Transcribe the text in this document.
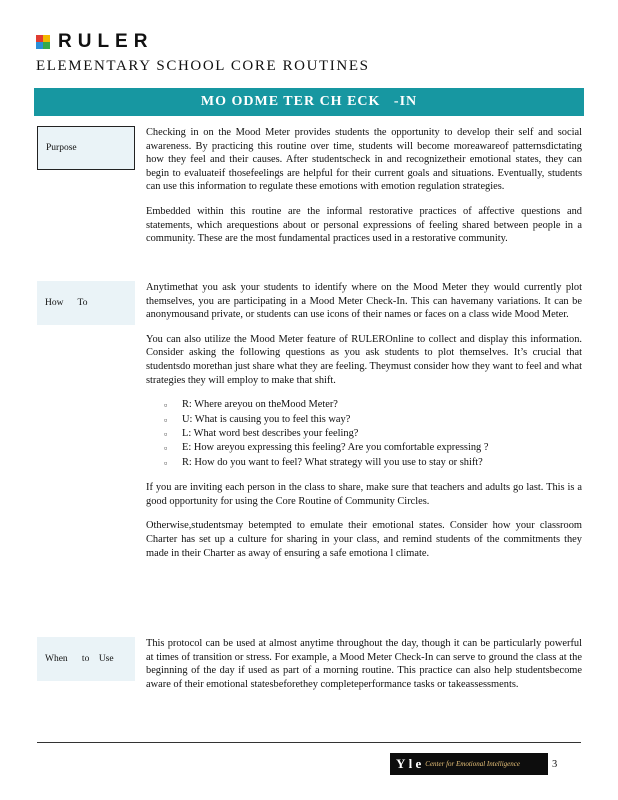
RULER
ELEMENTARY SCHOOL CORE ROUTINES
MO ODME TER CH ECK   -IN
Purpose

Checking in on the Mood Meter provides students the opportunity to develop their self and social awareness. By practicing this routine over time, students will become moreawareof patternsdictating how they feel and their causes. After studentscheck in and recognizetheir emotional states, they can begin to evaluateif thosefeelings are helpful for their current goals and situations. Eventually, students can use this information to regulate these emotions with emotion regulation strategies.

Embedded within this routine are the informal restorative practices of affective questions and statements, which arequestions about or personal expressions of feeling shared between people in a community. These are the most fundamental practices used in a restorative community.

How      To

Anytimethat you ask your students to identify where on the Mood Meter they would currently plot themselves, you are participating in a Mood Meter Check-In. This can havemany variations. It can be anonymousand private, or students can use icons of their names or faces on a class wide Mood Meter.

You can also utilize the Mood Meter feature of RULEROnline to collect and display this information. Consider asking the following questions as you ask students to plot themselves. It’s crucial that studentsdo morethan just share what they are feeling. Theymust consider how they want to feel and what strategies they will employ to make that shift.

▫ R: Where areyou on theMood Meter?
▫ U: What is causing you to feel this way?
▫ L: What word best describes your feeling?
▫ E: How areyou expressing this feeling? Are you comfortable expressing ?
▫ R: How do you want to feel? What strategy will you use to stay or shift?

If you are inviting each person in the class to share, make sure that teachers and adults go last. This is a good opportunity for using the Core Routine of Community Circles.

Otherwise,studentsmay betempted to emulate their emotional states. Consider how your classroom Charter has set up a culture for sharing in your class, and remind students of the commitments they made in their Charter as away of ensuring a safe emotiona l climate.

When      to    Use

This protocol can be used at almost anytime throughout the day, though it can be particularly powerful at times of transition or stress. For example, a Mood Meter Check-In can serve to ground the class at the beginning of the day if used as part of a morning routine. This practice can also help studentsbecome aware of their emotional statesbeforethey completeperformance tasks or takeassessments.

Y l e Center for Emotional Intelligence	3
